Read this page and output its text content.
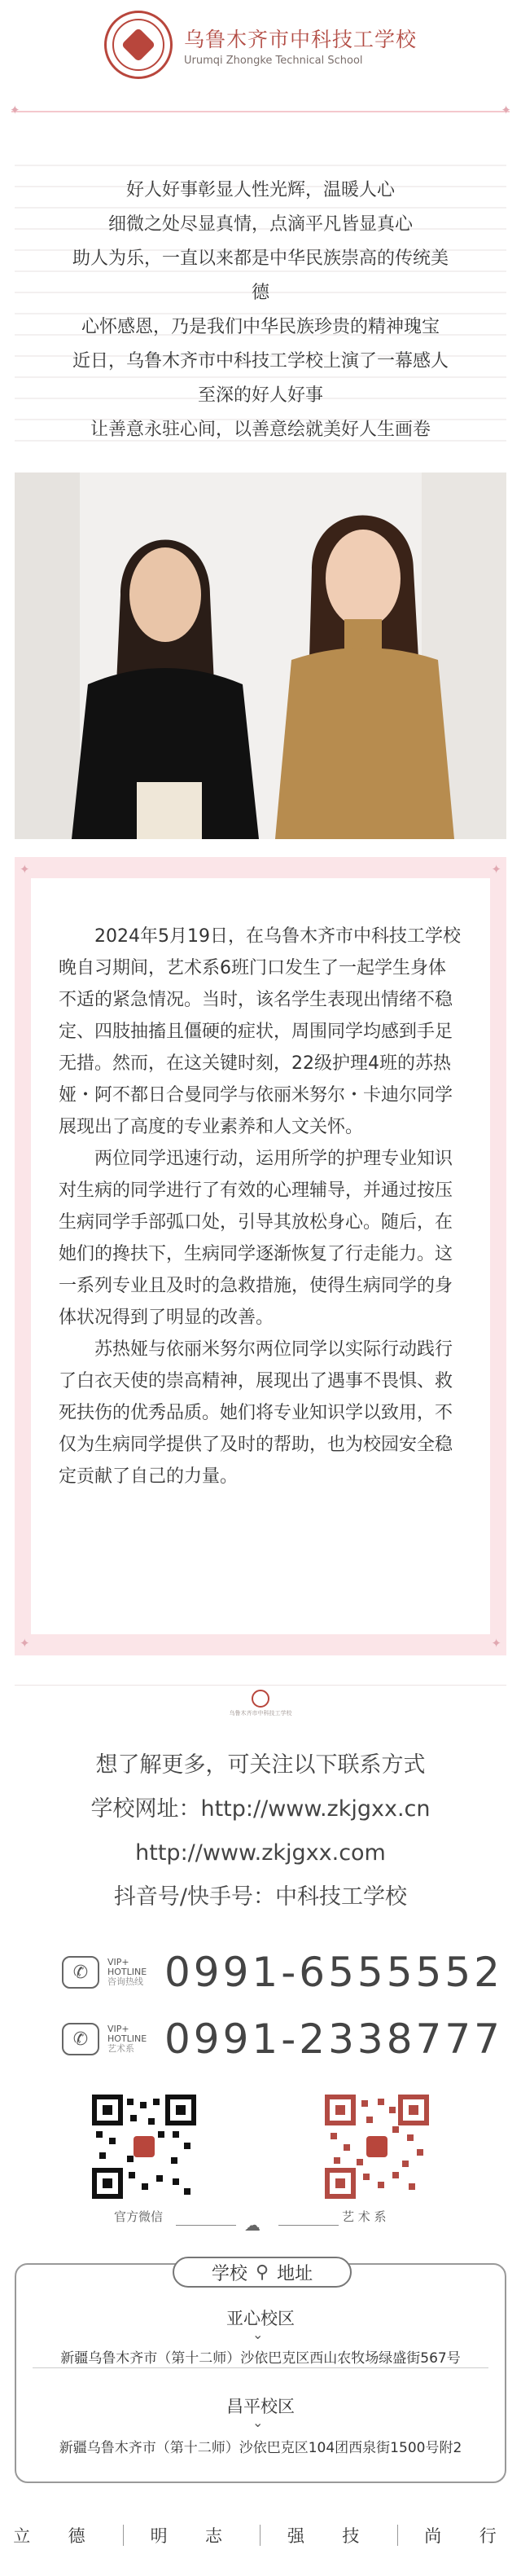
乌鲁木齐市中科技工学校
Urumqi Zhongke Technical School
✦	✦

好人好事彰显人性光辉，温暖人心

细微之处尽显真情，点滴平凡皆显真心

助人为乐，一直以来都是中华民族崇高的传统美

德

心怀感恩，乃是我们中华民族珍贵的精神瑰宝

近日，乌鲁木齐市中科技工学校上演了一幕感人

至深的好人好事

让善意永驻心间，以善意绘就美好人生画卷

✦	✦
✦	✦

2024年5月19日，在乌鲁木齐市中科技工学校晚自习期间，艺术系6班门口发生了一起学生身体不适的紧急情况。当时，该名学生表现出情绪不稳定、四肢抽搐且僵硬的症状，周围同学均感到手足无措。然而，在这关键时刻，22级护理4班的苏热娅・阿不都日合曼同学与依丽米努尔・卡迪尔同学展现出了高度的专业素养和人文关怀。

两位同学迅速行动，运用所学的护理专业知识对生病的同学进行了有效的心理辅导，并通过按压生病同学手部弧口处，引导其放松身心。随后，在她们的搀扶下，生病同学逐渐恢复了行走能力。这一系列专业且及时的急救措施，使得生病同学的身体状况得到了明显的改善。

苏热娅与依丽米努尔两位同学以实际行动践行了白衣天使的崇高精神，展现出了遇事不畏惧、救死扶伤的优秀品质。她们将专业知识学以致用，不仅为生病同学提供了及时的帮助，也为校园安全稳定贡献了自己的力量。

乌鲁木齐市中科技工学校
想了解更多，可关注以下联系方式
学校网址：http://www.zkjgxx.cn
http://www.zkjgxx.com
抖音号/快手号：中科技工学校
✆	VIP+ HOTLINE
咨询热线 0991-6555552
✆	VIP+ HOTLINE
艺术系 0991-2338777
官方微信	艺 术 系
☁
学校 ⚲ 地址
亚心校区
⌄
新疆乌鲁木齐市（第十二师）沙依巴克区西山农牧场绿盛街567号
昌平校区
⌄
新疆乌鲁木齐市（第十二师）沙依巴克区104团西泉街1500号附2
立 德	明 志	强 技	尚 行
